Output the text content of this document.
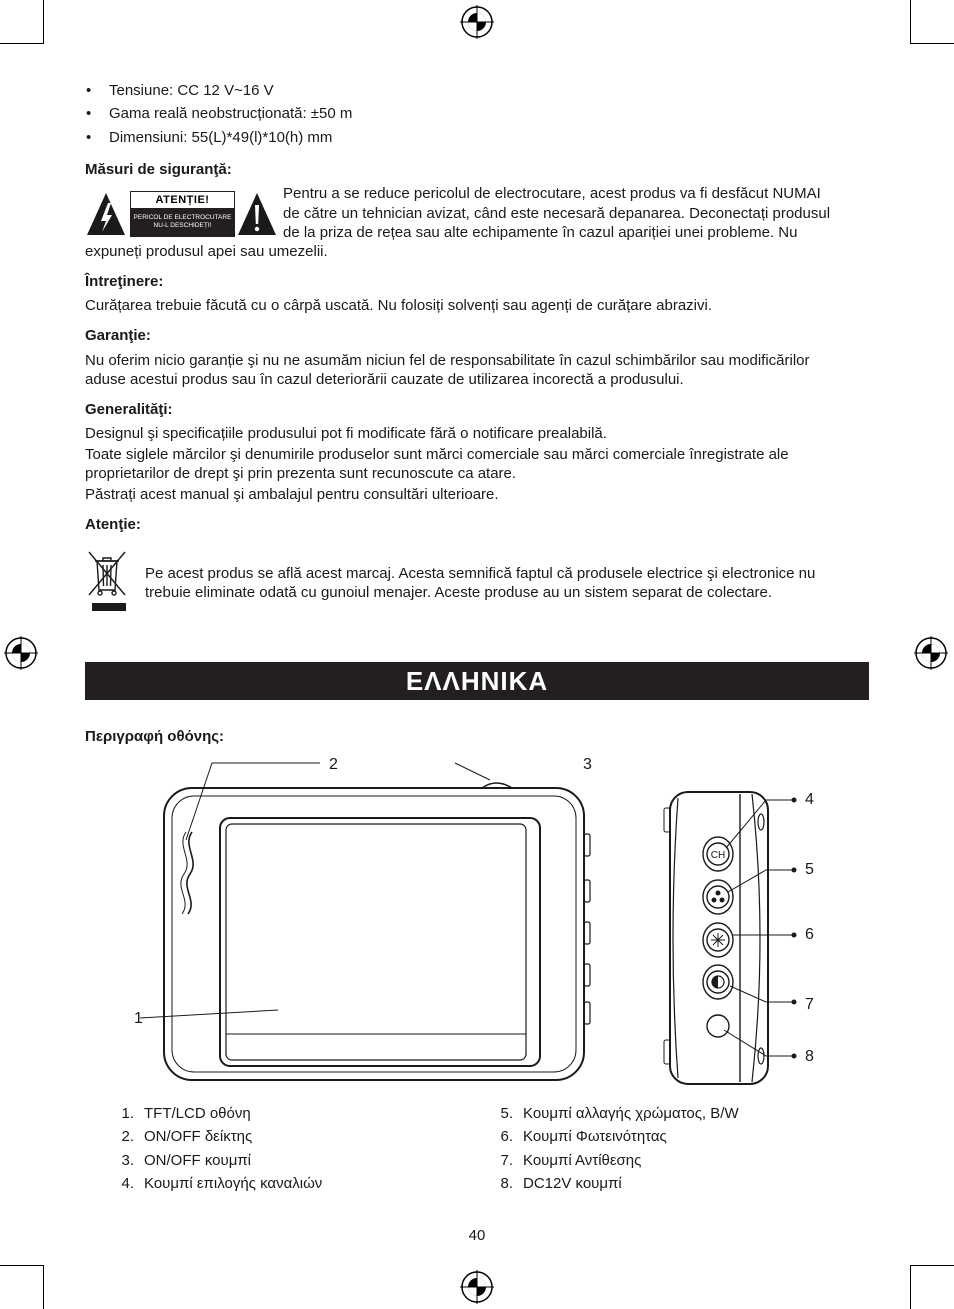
• Tensiune: CC 12 V~16 V
• Gama reală neobstrucționată: ±50 m
• Dimensiuni: 55(L)*49(l)*10(h) mm
Măsuri de siguranţă:
ATENȚIE!
PERICOL DE ELECTROCUTARE
NU-L DESCHIDEȚI!
Pentru a se reduce pericolul de electrocutare, acest produs va fi desfăcut NUMAI
de către un tehnician avizat, când este necesară depanarea. Deconectați produsul
de la priza de rețea sau alte echipamente în cazul apariției unei probleme. Nu
expuneți produsul apei sau umezelii.
Întreţinere:
Curățarea trebuie făcută cu o cârpă uscată. Nu folosiți solvenți sau agenți de curățare abrazivi.
Garanţie:
Nu oferim nicio garanție şi nu ne asumăm niciun fel de responsabilitate în cazul schimbărilor sau modificărilor
aduse acestui produs sau în cazul deteriorării cauzate de utilizarea incorectă a produsului.
Generalităţi:
Designul şi specificațiile produsului pot fi modificate fără o notificare prealabilă.
Toate siglele mărcilor şi denumirile produselor sunt mărci comerciale sau mărci comerciale înregistrate ale
proprietarilor de drept şi prin prezenta sunt recunoscute ca atare.
Păstrați acest manual şi ambalajul pentru consultări ulterioare.
Atenţie:
Pe acest produs se află acest marcaj. Acesta semnifică faptul că produsele electrice şi electronice nu
trebuie eliminate odată cu gunoiul menajer. Aceste produse au un sistem separat de colectare.
ΕΛΛΗΝΙΚΑ
Περιγραφή οθόνης:
CH
1
2	3
4
5
6
7
8
1. TFT/LCD οθόνη
2. ON/OFF δείκτης
3. ON/OFF κουμπί
4. Κουμπί επιλογής καναλιών
5. Κουμπί αλλαγής χρώματος, B/W
6. Κουμπί Φωτεινότητας
7. Κουμπί Αντίθεσης
8. DC12V κουμπί
40
